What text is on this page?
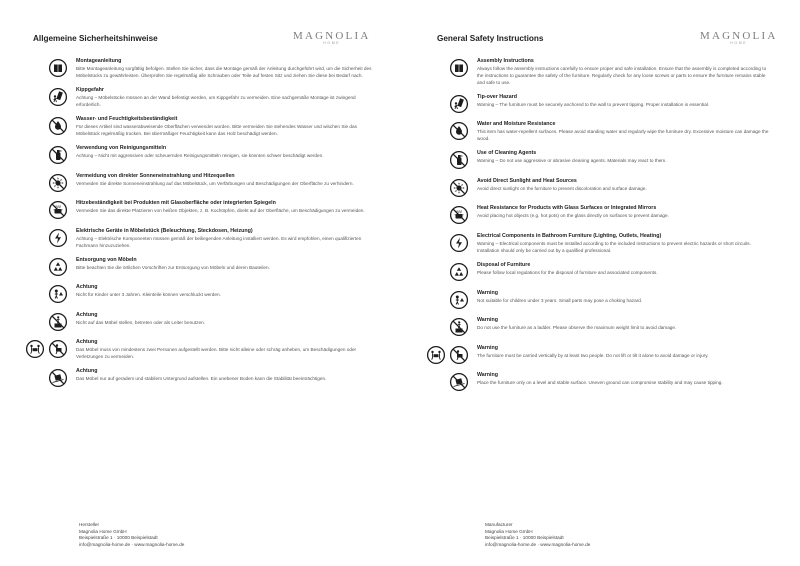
Allgemeine Sicherheitshinweise	MAGNOLIA
HOME
Montageanleitung
Bitte Montageanleitung sorgfältig befolgen. Stellen Sie sicher, dass die Montage gemäß der Anleitung durchgeführt wird, um die Sicherheit des Möbelstücks zu gewährleisten. Überprüfen Sie regelmäßig alle Schrauben oder Teile auf festen Sitz und ziehen Sie diese bei Bedarf nach.
Kippgefahr
Achtung – Möbelstücke müssen an der Wand befestigt werden, um Kippgefahr zu vermeiden. Eine sachgemäße Montage ist zwingend erforderlich.
Wasser- und Feuchtigkeitsbeständigkeit
Für dieses Artikel sind wasserabweisende Oberflächen verwendet worden. Bitte vermeiden Sie stehendes Wasser und wischen Sie das Möbelstück regelmäßig trocken. Bei übermäßiger Feuchtigkeit kann das Holz beschädigt werden.
Verwendung von Reinigungsmitteln
Achtung – Nicht mit aggressiven oder scheuernden Reinigungsmitteln reinigen, sie könnten schwer beschädigt werden.
Vermeidung von direkter Sonneneinstrahlung und Hitzequellen
Vermeiden Sie direkte Sonneneinstrahlung auf das Möbelstück, um Verfärbungen und Beschädigungen der Oberfläche zu verhindern.
Hitzebeständigkeit bei Produkten mit Glasoberfläche oder integrierten Spiegeln
Vermeiden Sie das direkte Platzieren von heißen Objekten, z. B. Kochtöpfen, direkt auf der Oberfläche, um Beschädigungen zu vermeiden.
Elektrische Geräte in Möbelstück (Beleuchtung, Steckdosen, Heizung)
Achtung – Elektrische Komponenten müssen gemäß der beiliegenden Anleitung installiert werden. Es wird empfohlen, einen qualifizierten Fachmann hinzuzuziehen.
Entsorgung von Möbeln
Bitte beachten Sie die örtlichen Vorschriften zur Entsorgung von Möbeln und deren Bauteilen.
Achtung
Nicht für Kinder unter 3 Jahren. Kleinteile können verschluckt werden.
Achtung
Nicht auf das Möbel stellen, betreten oder als Leiter benutzen.
Achtung
Das Möbel muss von mindestens zwei Personen aufgestellt werden. Bitte nicht alleine oder schräg anheben, um Beschädigungen oder Verletzungen zu vermeiden.
Achtung
Das Möbel nur auf geradem und stabilem Untergrund aufstellen. Ein unebener Boden kann die Stabilität beeinträchtigen.
Hersteller
Magnolia Home GmbH
Beispielstraße 1 · 10000 Beispielstadt
info@magnolia-home.de · www.magnolia-home.de
General Safety Instructions	MAGNOLIA
HOME
Assembly Instructions
Always follow the assembly instructions carefully to ensure proper and safe installation. Ensure that the assembly is completed according to the instructions to guarantee the safety of the furniture. Regularly check for any loose screws or parts to ensure the furniture remains stable and safe to use.
Tip-over Hazard
Warning – The furniture must be securely anchored to the wall to prevent tipping. Proper installation is essential.
Water and Moisture Resistance
This item has water-repellent surfaces. Please avoid standing water and regularly wipe the furniture dry. Excessive moisture can damage the wood.
Use of Cleaning Agents
Warning – Do not use aggressive or abrasive cleaning agents. Materials may react to them.
Avoid Direct Sunlight and Heat Sources
Avoid direct sunlight on the furniture to prevent discoloration and surface damage.
Heat Resistance for Products with Glass Surfaces or Integrated Mirrors
Avoid placing hot objects (e.g. hot pots) on the glass directly on surfaces to prevent damage.
Electrical Components in Bathroom Furniture (Lighting, Outlets, Heating)
Warning – Electrical components must be installed according to the included instructions to prevent electric hazards or short circuits. Installation should only be carried out by a qualified professional.
Disposal of Furniture
Please follow local regulations for the disposal of furniture and associated components.
Warning
Not suitable for children under 3 years. Small parts may pose a choking hazard.
Warning
Do not use the furniture as a ladder. Please observe the maximum weight limit to avoid damage.
Warning
The furniture must be carried vertically by at least two people. Do not lift or tilt it alone to avoid damage or injury.
Warning
Place the furniture only on a level and stable surface. Uneven ground can compromise stability and may cause tipping.
Manufacturer
Magnolia Home GmbH
Beispielstraße 1 · 10000 Beispielstadt
info@magnolia-home.de · www.magnolia-home.de
